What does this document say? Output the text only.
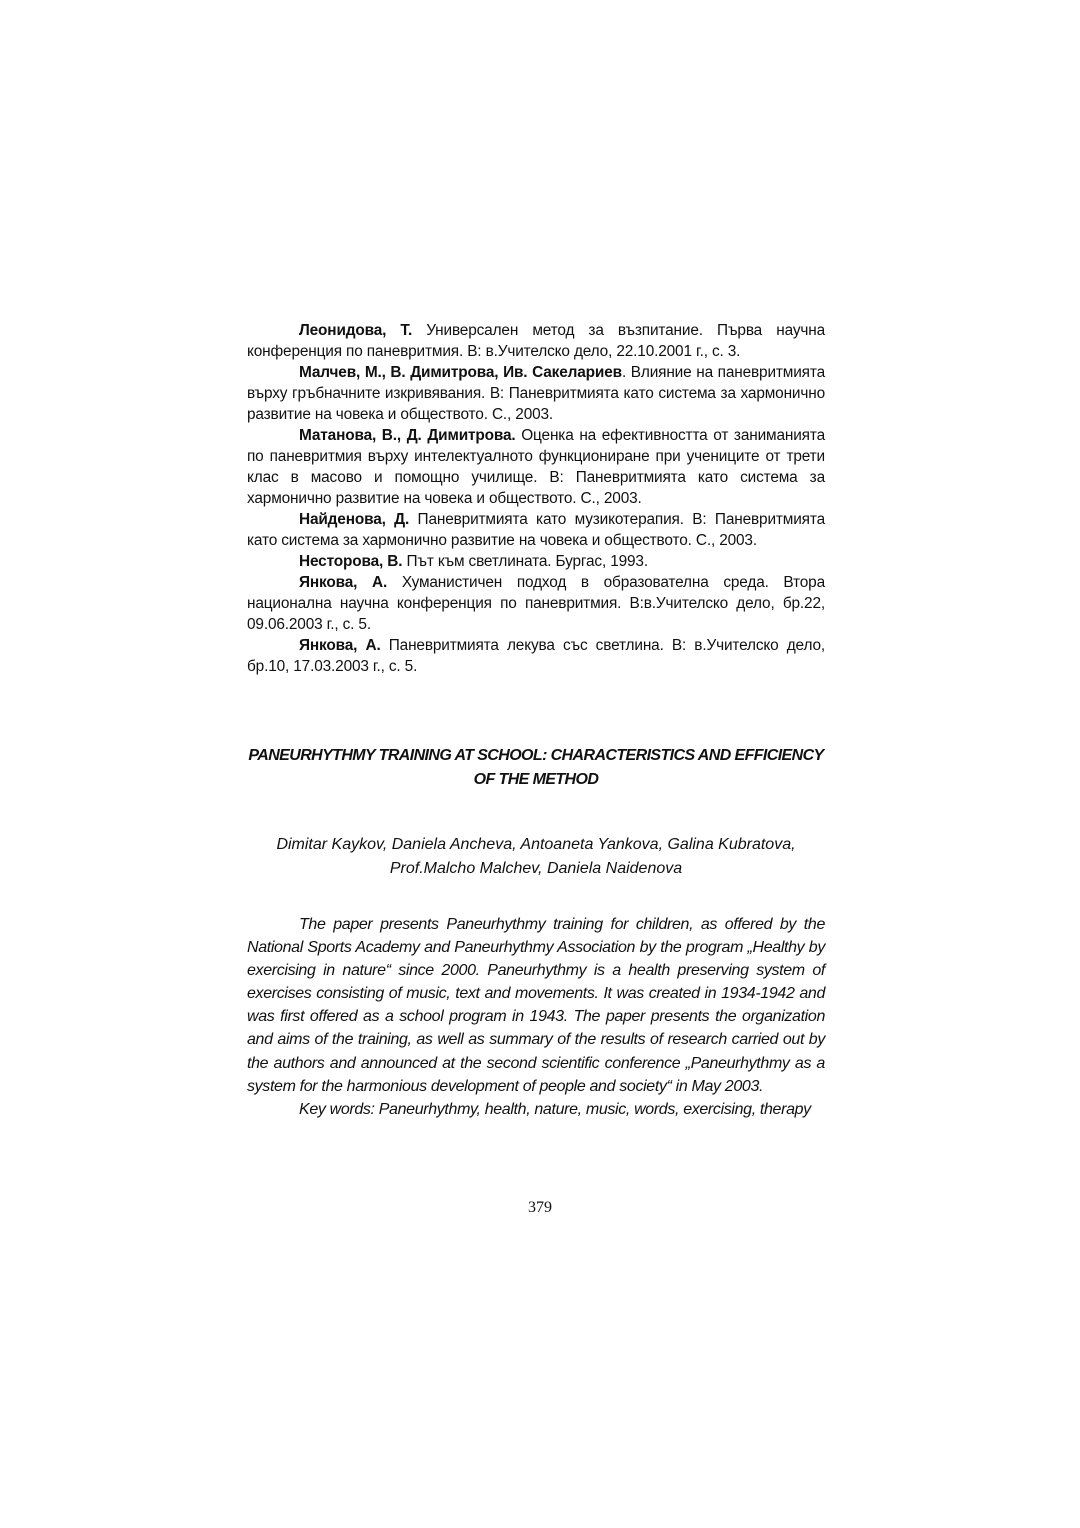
Леонидова, Т. Универсален метод за възпитание. Първа научна конференция по паневритмия. В: в.Учителско дело, 22.10.2001 г., с. 3.

Малчев, М., В. Димитрова, Ив. Сакелариев. Влияние на паневритмията върху гръбначните изкривявания. В: Паневритмията като система за хармонично развитие на човека и обществото. С., 2003.

Матанова, В., Д. Димитрова. Оценка на ефективността от заниманията по паневритмия върху интелектуалното функциониране при учениците от трети клас в масово и помощно училище. В: Паневритмията като система за хармонично развитие на човека и обществото. С., 2003.

Найденова, Д. Паневритмията като музикотерапия. В: Паневритмията като система за хармонично развитие на човека и обществото. С., 2003.

Несторова, В. Път към светлината. Бургас, 1993.

Янкова, А. Хуманистичен подход в образователна среда. Втора национална научна конференция по паневритмия. В:в.Учителско дело, бр.22, 09.06.2003 г., с. 5.

Янкова, А. Паневритмията лекува със светлина. В: в.Учителско дело, бр.10, 17.03.2003 г., с. 5.

PANEURHYTHMY TRAINING AT SCHOOL: CHARACTERISTICS AND EFFICIENCY OF THE METHOD
Dimitar Kaykov, Daniela Ancheva, Antoaneta Yankova, Galina Kubratova,
Prof.Malcho Malchev, Daniela Naidenova

The paper presents Paneurhythmy training for children, as offered by the National Sports Academy and Paneurhythmy Association by the program „Healthy by exercising in nature“ since 2000. Paneurhythmy is a health preserving system of exercises consisting of music, text and movements. It was created in 1934-1942 and was first offered as a school program in 1943. The paper presents the organization and aims of the training, as well as summary of the results of research carried out by the authors and announced at the second scientific conference „Paneurhythmy as a system for the harmonious development of people and society“ in May 2003.

Key words: Paneurhythmy, health, nature, music, words, exercising, therapy

379
